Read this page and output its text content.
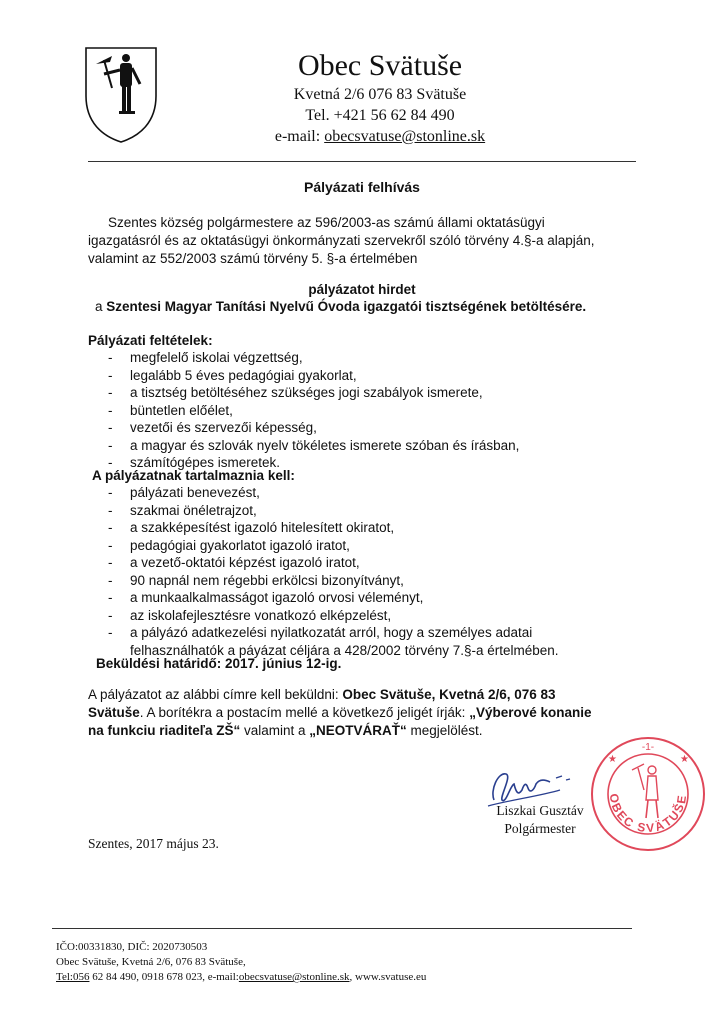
Obec Svätuše
Kvetná 2/6 076 83 Svätuše
Tel. +421 56 62 84 490
e-mail: obecsvatuse@stonline.sk
Pályázati felhívás

Szentes község polgármestere az 596/2003-as számú állami oktatásügyi

igazgatásról és az oktatásügyi önkormányzati szervekről szóló törvény 4.§-a alapján,

valamint az 552/2003 számú törvény 5. §-a értelmében

pályázatot hirdet
a Szentesi Magyar Tanítási Nyelvű Óvoda igazgatói tisztségének betöltésére.
Pályázati feltételek:
- megfelelő iskolai végzettség,
- legalább 5 éves pedagógiai gyakorlat,
- a tisztség betöltéséhez szükséges jogi szabályok ismerete,
- büntetlen előélet,
- vezetői és szervezői képesség,
- a magyar és szlovák nyelv tökéletes ismerete szóban és írásban,
- számítógépes ismeretek.
A pályázatnak tartalmaznia kell:
- pályázati benevezést,
- szakmai önéletrajzot,
- a szakképesítést igazoló hitelesített okiratot,
- pedagógiai gyakorlatot igazoló iratot,
- a vezető-oktatói képzést igazoló iratot,
- 90 napnál nem régebbi erkölcsi bizonyítványt,
- a munkaalkalmasságot igazoló orvosi véleményt,
- az iskolafejlesztésre vonatkozó elképzelést,
- a pályázó adatkezelési nyilatkozatát arról, hogy a személyes adatai
felhasználhatók a páyázat céljára a 428/2002 törvény 7.§-a értelmében.
Beküldési határidő: 2017. június 12-ig.

A pályázatot az alábbi címre kell beküldni: Obec Svätuše, Kvetná 2/6, 076 83

Svätuše. A borítékra a postacím mellé a következő jeligét írják: „Výberové konanie

na funkciu riaditeľa ZŠ“ valamint a „NEOTVÁRAŤ“ megjelölést.

Liszkai Gusztáv
Polgármester
-1-
OBEC SVÄTUŠE
★	★
Szentes, 2017 május 23.
IČO:00331830, DIČ: 2020730503
Obec Svätuše, Kvetná 2/6, 076 83 Svätuše,
Tel:056 62 84 490, 0918 678 023, e-mail:obecsvatuse@stonline.sk, www.svatuse.eu
